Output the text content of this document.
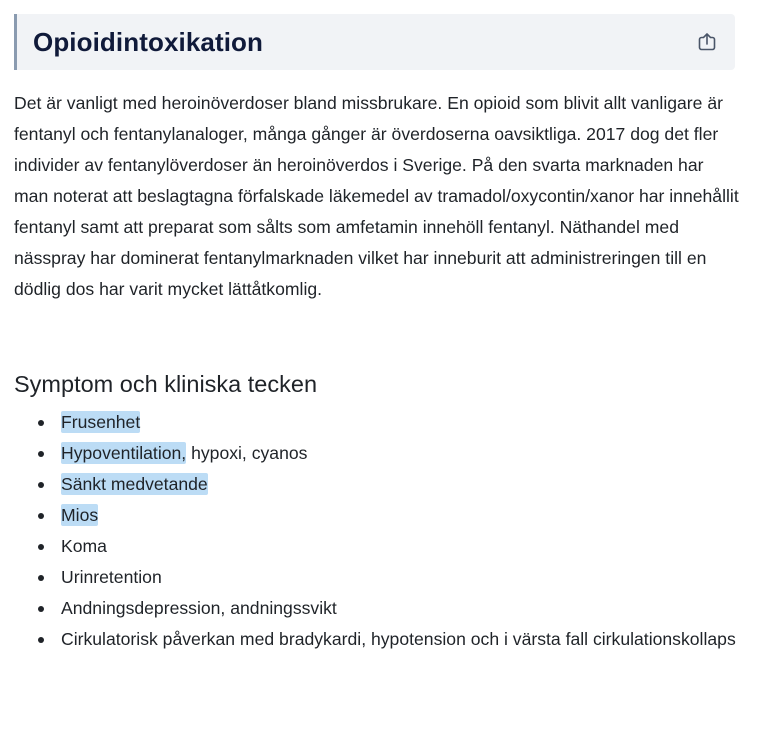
Opioidintoxikation

Det är vanligt med heroinöverdoser bland missbrukare. En opioid som blivit allt vanligare är fentanyl och fentanylanaloger, många gånger är överdoserna oavsiktliga. 2017 dog det fler individer av fentanylöverdoser än heroinöverdos i Sverige. På den svarta marknaden har man noterat att beslagtagna förfalskade läkemedel av tramadol/oxycontin/xanor har innehållit fentanyl samt att preparat som sålts som amfetamin innehöll fentanyl. Näthandel med nässpray har dominerat fentanylmarknaden vilket har inneburit att administreringen till en dödlig dos har varit mycket lättåtkomlig.

Symptom och kliniska tecken
Frusenhet
Hypoventilation, hypoxi, cyanos
Sänkt medvetande
Mios
Koma
Urinretention
Andningsdepression, andningssvikt
Cirkulatorisk påverkan med bradykardi, hypotension och i värsta fall cirkulationskollaps
